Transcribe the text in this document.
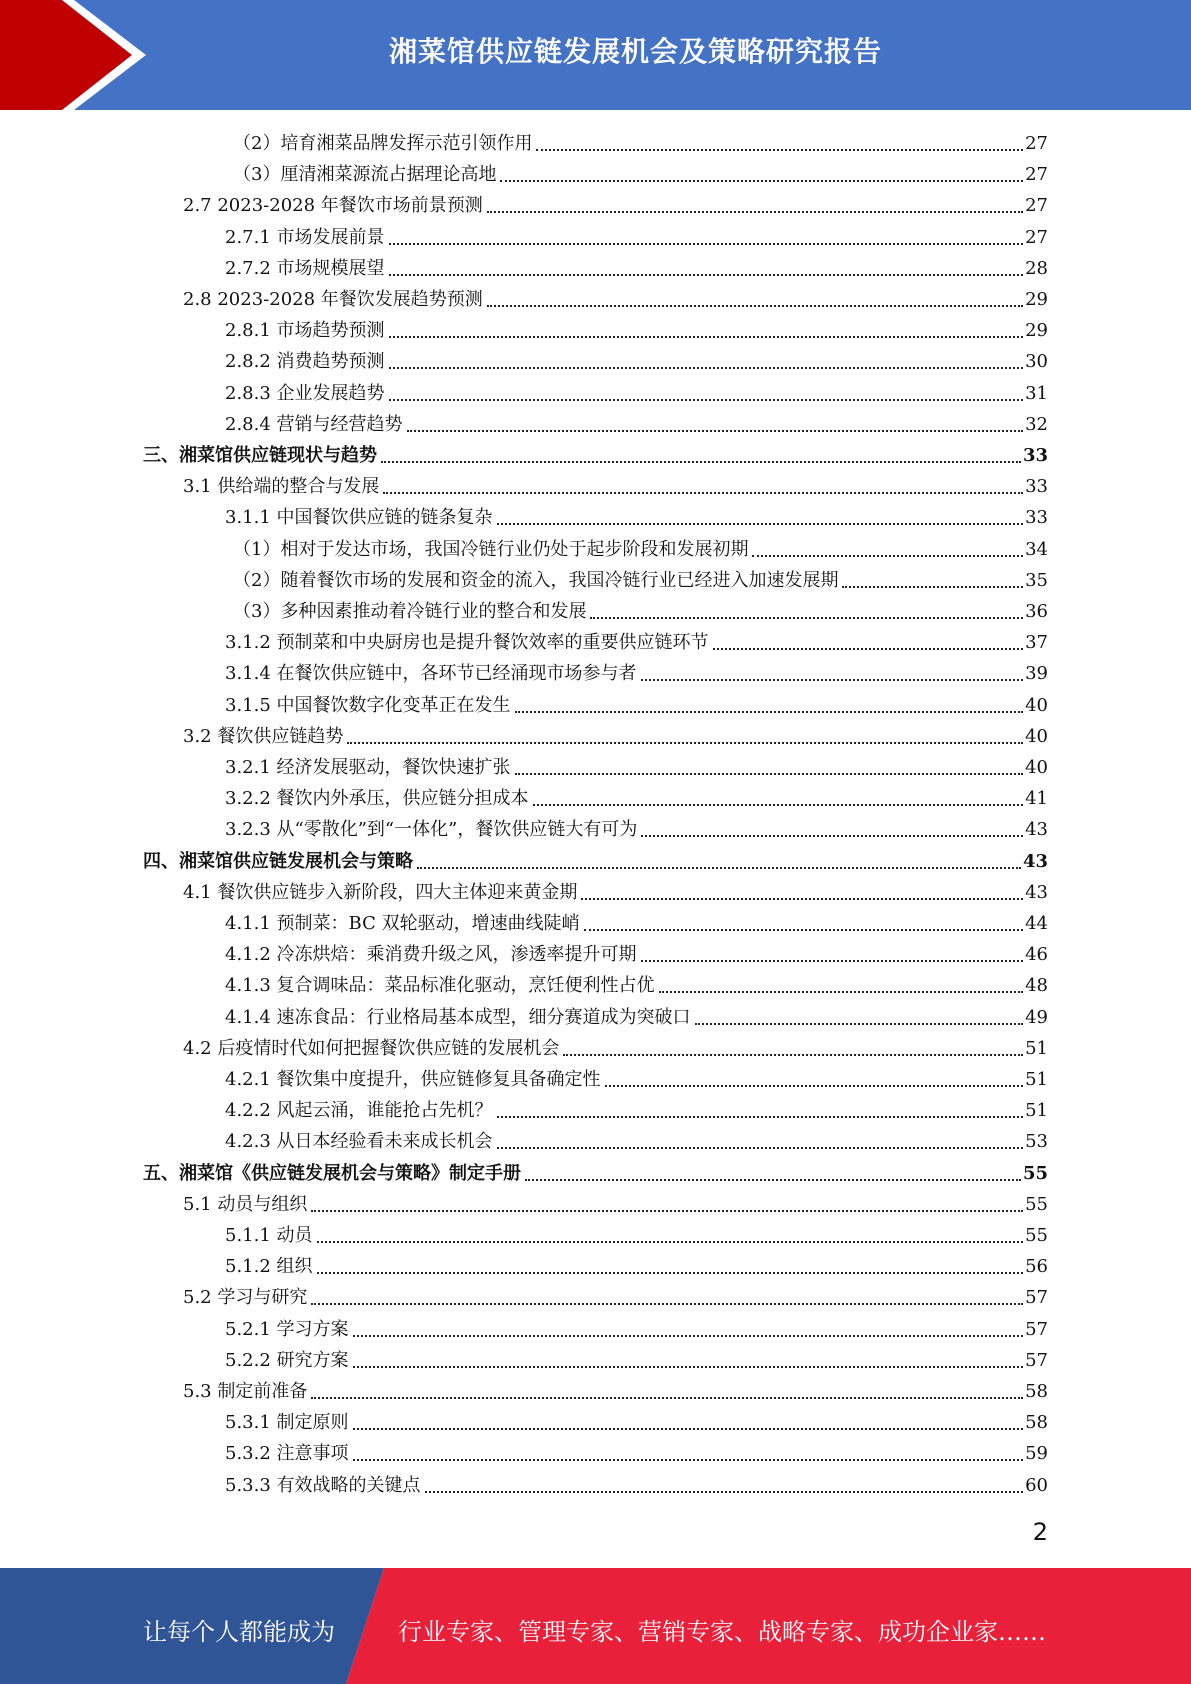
湘菜馆供应链发展机会及策略研究报告
（2）培育湘菜品牌发挥示范引领作用	27
（3）厘清湘菜源流占据理论高地	27
2.7 2023-2028 年餐饮市场前景预测	27
2.7.1 市场发展前景	27
2.7.2 市场规模展望	28
2.8 2023-2028 年餐饮发展趋势预测	29
2.8.1 市场趋势预测	29
2.8.2 消费趋势预测	30
2.8.3 企业发展趋势	31
2.8.4 营销与经营趋势	32
三、湘菜馆供应链现状与趋势	33
3.1 供给端的整合与发展	33
3.1.1 中国餐饮供应链的链条复杂	33
（1）相对于发达市场，我国冷链行业仍处于起步阶段和发展初期	34
（2）随着餐饮市场的发展和资金的流入，我国冷链行业已经进入加速发展期	35
（3）多种因素推动着冷链行业的整合和发展	36
3.1.2 预制菜和中央厨房也是提升餐饮效率的重要供应链环节	37
3.1.4 在餐饮供应链中，各环节已经涌现市场参与者	39
3.1.5 中国餐饮数字化变革正在发生	40
3.2 餐饮供应链趋势	40
3.2.1 经济发展驱动，餐饮快速扩张	40
3.2.2 餐饮内外承压，供应链分担成本	41
3.2.3 从“零散化”到“一体化”，餐饮供应链大有可为	43
四、湘菜馆供应链发展机会与策略	43
4.1 餐饮供应链步入新阶段，四大主体迎来黄金期	43
4.1.1 预制菜：BC 双轮驱动，增速曲线陡峭	44
4.1.2 冷冻烘焙：乘消费升级之风，渗透率提升可期	46
4.1.3 复合调味品：菜品标准化驱动，烹饪便利性占优	48
4.1.4 速冻食品：行业格局基本成型，细分赛道成为突破口	49
4.2 后疫情时代如何把握餐饮供应链的发展机会	51
4.2.1 餐饮集中度提升，供应链修复具备确定性	51
4.2.2 风起云涌，谁能抢占先机？	51
4.2.3 从日本经验看未来成长机会	53
五、湘菜馆《供应链发展机会与策略》制定手册	55
5.1 动员与组织	55
5.1.1 动员	55
5.1.2 组织	56
5.2 学习与研究	57
5.2.1 学习方案	57
5.2.2 研究方案	57
5.3 制定前准备	58
5.3.1 制定原则	58
5.3.2 注意事项	59
5.3.3 有效战略的关键点	60
2
让每个人都能成为	行业专家、管理专家、营销专家、战略专家、成功企业家……
